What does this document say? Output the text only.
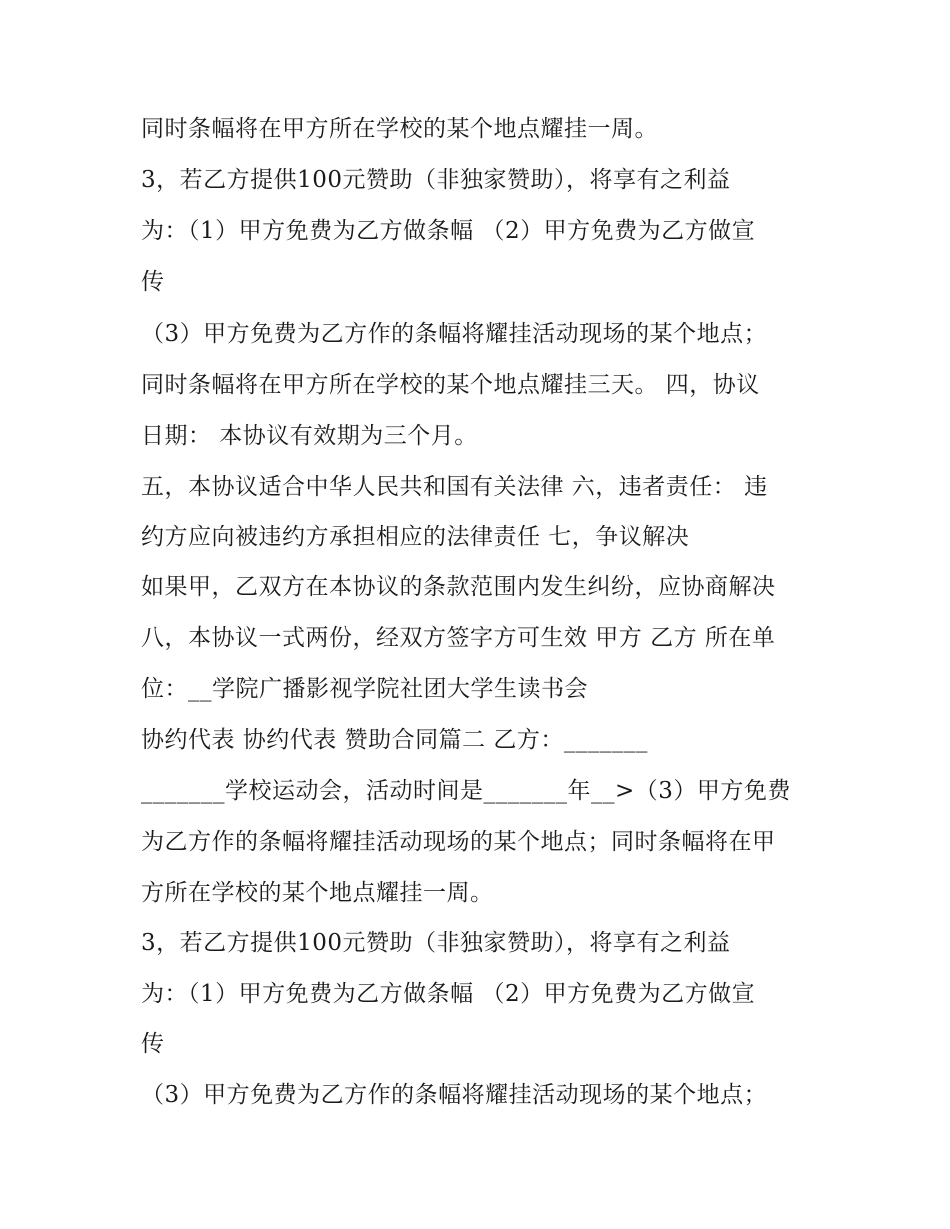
同时条幅将在甲方所在学校的某个地点耀挂一周。
3，若乙方提供100元赞助（非独家赞助），将享有之利益
为：（1）甲方免费为乙方做条幅 （2）甲方免费为乙方做宣
传
（3）甲方免费为乙方作的条幅将耀挂活动现场的某个地点；
同时条幅将在甲方所在学校的某个地点耀挂三天。 四，协议
日期： 本协议有效期为三个月。
五，本协议适合中华人民共和国有关法律 六，违者责任： 违
约方应向被违约方承担相应的法律责任 七，争议解决
如果甲，乙双方在本协议的条款范围内发生纠纷，应协商解决
八，本协议一式两份，经双方签字方可生效 甲方 乙方 所在单
位：__学院广播影视学院社团大学生读书会
协约代表 协约代表 赞助合同篇二 乙方：_______
_______学校运动会，活动时间是_______年__>（3）甲方免费
为乙方作的条幅将耀挂活动现场的某个地点；同时条幅将在甲
方所在学校的某个地点耀挂一周。
3，若乙方提供100元赞助（非独家赞助），将享有之利益
为：（1）甲方免费为乙方做条幅 （2）甲方免费为乙方做宣
传
（3）甲方免费为乙方作的条幅将耀挂活动现场的某个地点；
